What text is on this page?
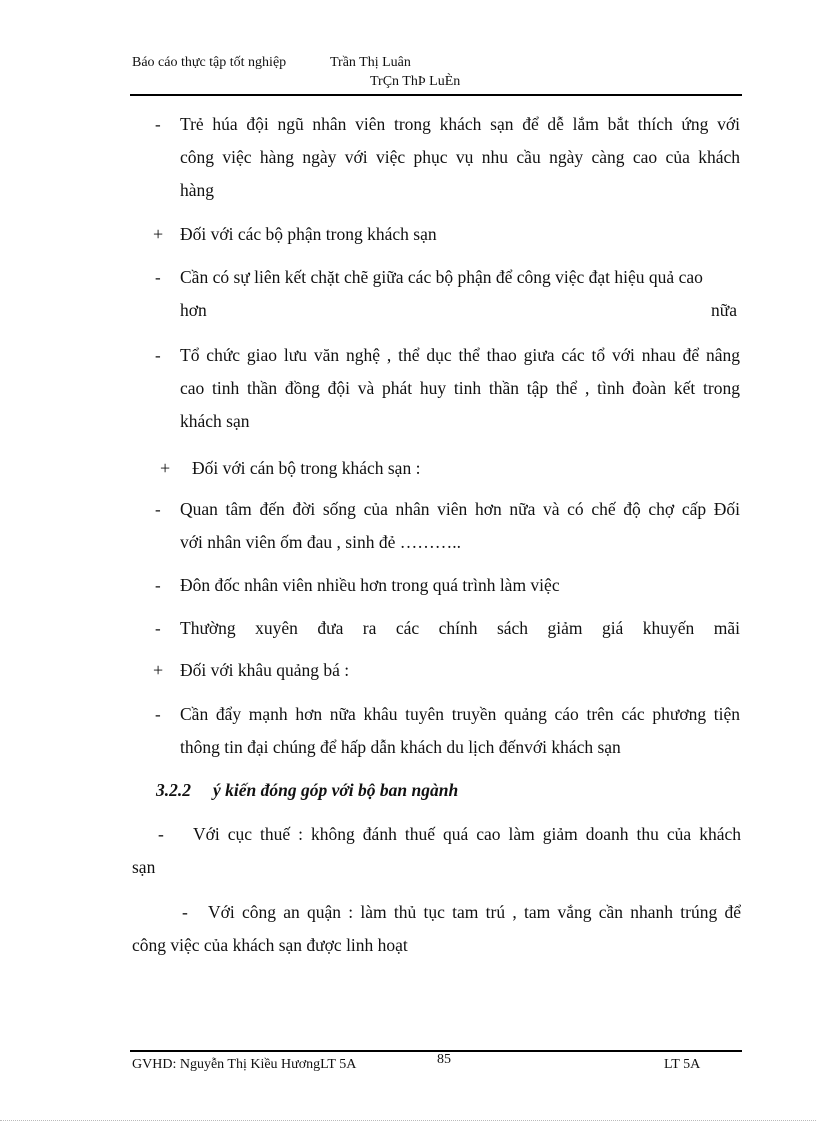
Báo cáo thực tập tốt nghiệp	Trần Thị Luân
TrÇn ThÞ LuÈn
- Trẻ húa đội ngũ nhân viên trong khách sạn để dễ lắm bắt thích ứng với
công việc hàng ngày với việc phục vụ nhu cầu ngày càng cao của khách
hàng
+ Đối với các bộ phận trong khách sạn
- Cần có sự liên kết chặt chẽ giữa các bộ phận để công việc đạt hiệu quả cao
hơn	nữa
- Tổ chức giao lưu văn nghệ , thể dục thể thao giưa các tổ với nhau để nâng
cao tinh thần đồng đội và phát huy tinh thần tập thể , tình đoàn kết trong
khách sạn
+ Đối với cán bộ trong khách sạn :
- Quan tâm đến đời sống của nhân viên hơn nữa và có chế độ chợ cấp Đối
với nhân viên ốm đau , sinh đẻ ………..
- Đôn đốc nhân viên nhiều hơn trong quá trình làm việc
- Thường xuyên đưa ra các chính sách giảm giá khuyến mãi
+ Đối với khâu quảng bá :
- Cần đẩy mạnh hơn nữa khâu tuyên truyền quảng cáo trên các phương tiện
thông tin đại chúng để hấp dẫn khách du lịch đếnvới khách sạn
3.2.2 ý kiến đóng góp với bộ ban ngành
- Với cục thuế : không đánh thuế quá cao làm giảm doanh thu của khách
sạn
- Với công an quận : làm thủ tục tam trú , tam vắng cần nhanh trúng để
công việc của khách sạn được linh hoạt
GVHD: Nguyễn Thị Kiều HươngLT 5A	85	LT 5A
